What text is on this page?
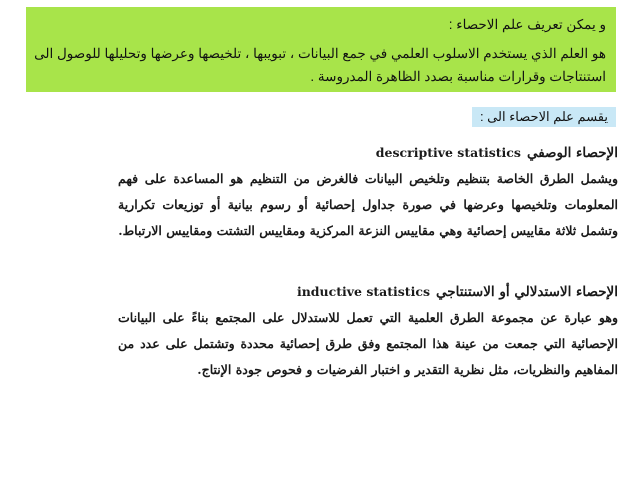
و يمكن تعريف علم الاحصاء :
هو العلم الذي يستخدم الاسلوب العلمي في جمع البيانات ، تبويبها ، تلخيصها وعرضها وتحليلها للوصول الى استنتاجات وقرارات مناسبة بصدد الظاهرة المدروسة .
يقسم علم الاحصاء الى :
الإحصاء الوصفي
descriptive statistics
ويشمل الطرق الخاصة بتنظيم وتلخيص البيانات فالغرض من التنظيم هو المساعدة على فهم المعلومات وتلخيصها وعرضها في صورة جداول إحصائية أو رسوم بيانية أو توزيعات تكرارية وتشمل ثلاثة مقاييس إحصائية وهي مقاييس النزعة المركزية ومقاييس التشتت ومقاييس الارتباط.
الإحصاء الاستدلالي أو الاستنتاجي
inductive statistics
وهو عبارة عن مجموعة الطرق العلمية التي تعمل للاستدلال على المجتمع بناءً على البيانات الإحصائية التي جمعت من عينة هذا المجتمع وفق طرق إحصائية محددة وتشتمل على عدد من المفاهيم والنظريات، مثل نظرية التقدير و اختبار الفرضيات و فحوص جودة الإنتاج.
